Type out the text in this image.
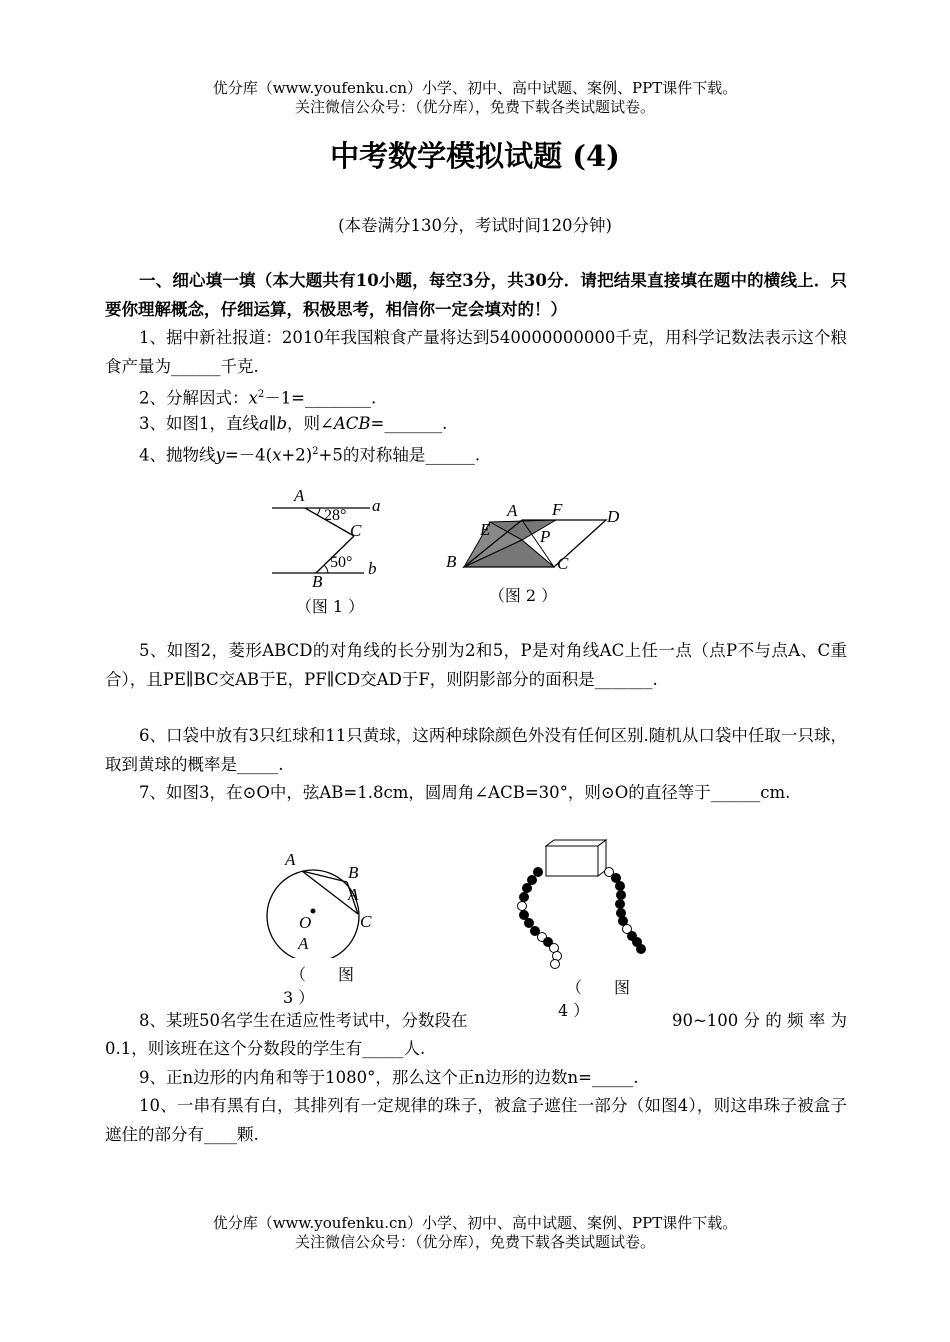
优分库（www.youfenku.cn）小学、初中、高中试题、案例、PPT课件下载。
关注微信公众号：（优分库），免费下载各类试题试卷。
中考数学模拟试题 (4)
(本卷满分130分，考试时间120分钟)
一、细心填一填（本大题共有10小题，每空3分，共30分．请把结果直接填在题中的横线上．只要你理解概念，仔细运算，积极思考，相信你一定会填对的！）
1、据中新社报道：2010年我国粮食产量将达到540000000000千克，用科学记数法表示这个粮食产量为______千克.
2、分解因式：$x^2-1=\_\_\_\_\_\_\_\_$.
3、如图1，直线a∥b，则∠ACB=_______.
4、抛物线$y=-4(x+2)^2+5$的对称轴是______.
A
28°
a
C
50° b
B
（图 1 ）
A F	D
E	P
B	C
（图 2 ）
5、如图2，菱形ABCD的对角线的长分别为2和5，P是对角线AC上任一点（点P不与点A、C重合），且PE∥BC交AB于E，PF∥CD交AD于F，则阴影部分的面积是_______.
6、口袋中放有3只红球和11只黄球，这两种球除颜色外没有任何区别.随机从口袋中任取一只球，取到黄球的概率是_____.
7、如图3，在⊙O中，弦AB=1.8cm，圆周角∠ACB=30°，则⊙O的直径等于______cm.
A
B
A
C
O
A
（　　图
3 ）
（　　图
4 ）
8、某班50名学生在适应性考试中，分数段在	90~100 分 的 频 率 为
0.1，则该班在这个分数段的学生有_____人.
9、正n边形的内角和等于1080°，那么这个正n边形的边数n=_____.
10、一串有黑有白，其排列有一定规律的珠子，被盒子遮住一部分（如图4），则这串珠子被盒子遮住的部分有____颗.
优分库（www.youfenku.cn）小学、初中、高中试题、案例、PPT课件下载。
关注微信公众号：（优分库），免费下载各类试题试卷。
